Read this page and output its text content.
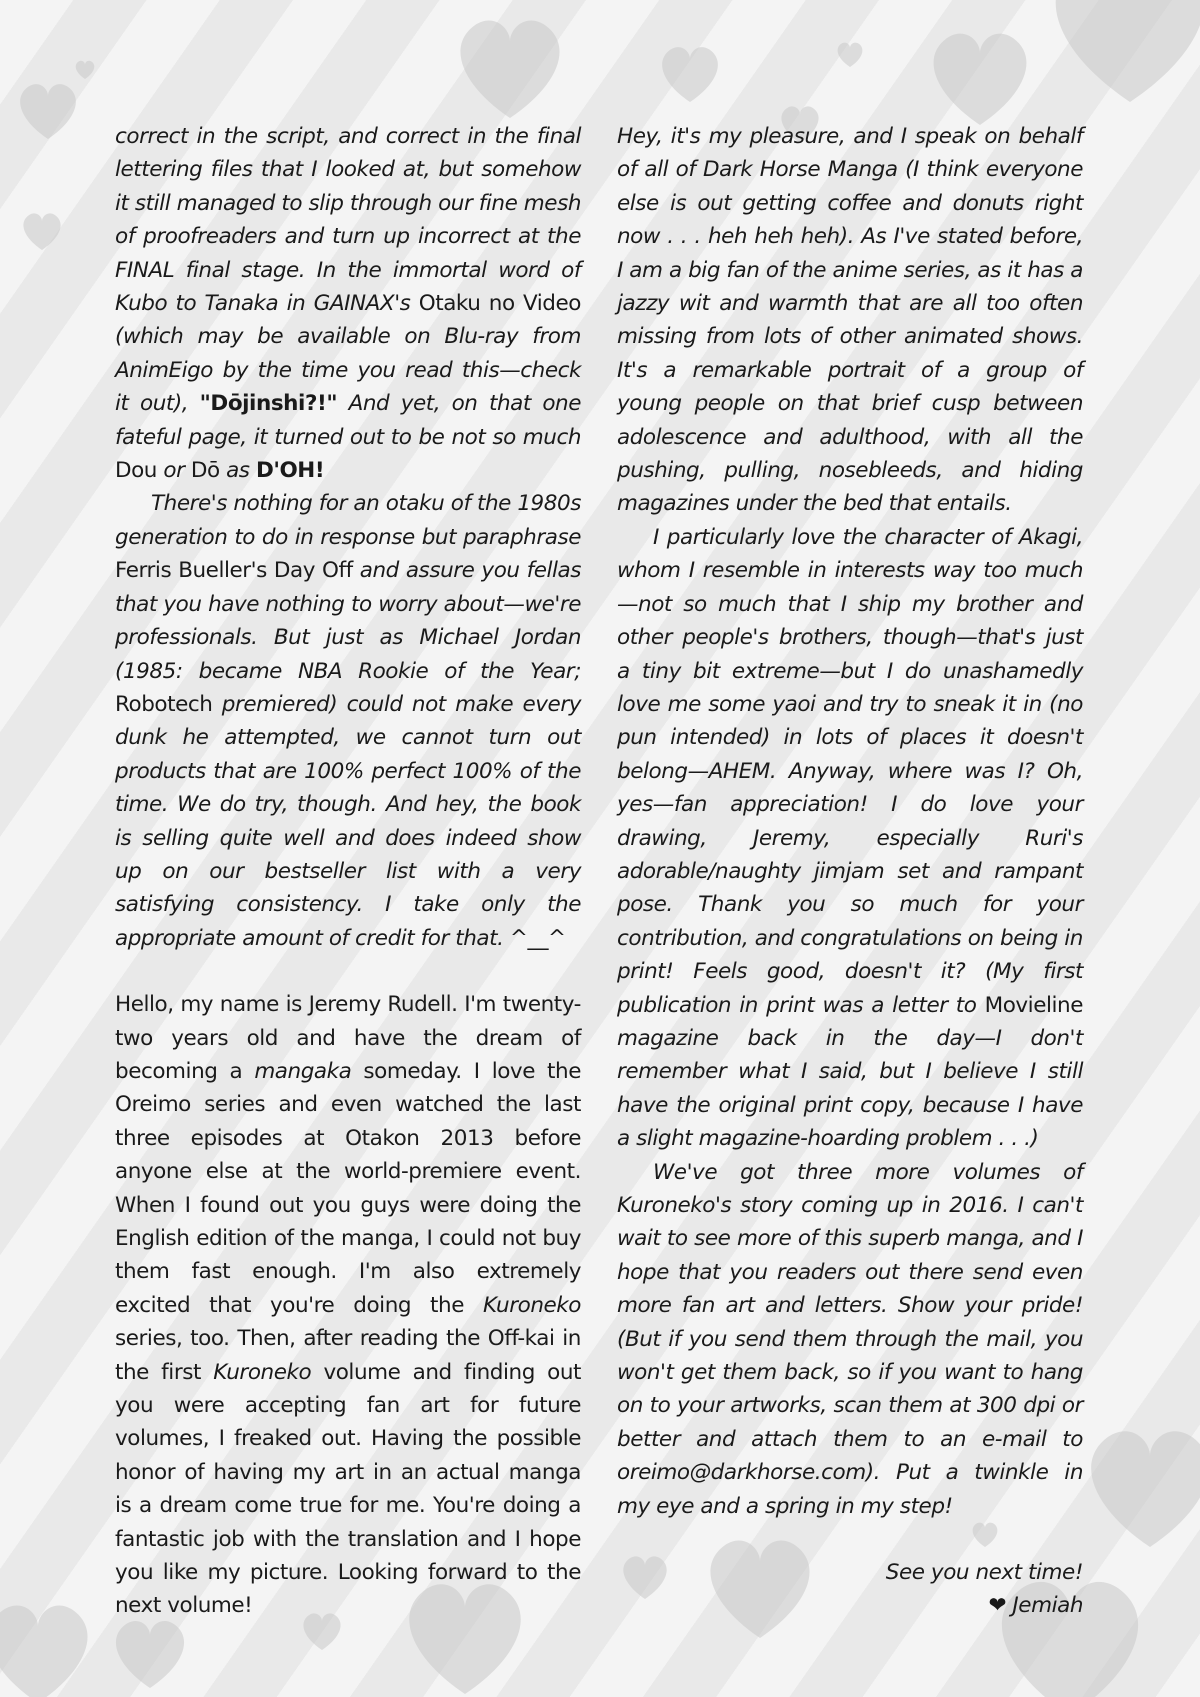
correct in the script, and correct in the final lettering files that I looked at, but somehow it still managed to slip through our fine mesh of proofreaders and turn up incorrect at the FINAL final stage. In the immortal word of Kubo to Tanaka in GAINAX's Otaku no Video (which may be available on Blu-ray from AnimEigo by the time you read this—check it out), "Dōjinshi?!" And yet, on that one fateful page, it turned out to be not so much Dou or Dō as D'OH!

There's nothing for an otaku of the 1980s generation to do in response but paraphrase Ferris Bueller's Day Off and assure you fellas that you have nothing to worry about—we're professionals. But just as Michael Jordan (1985: became NBA Rookie of the Year; Robotech premiered) could not make every dunk he attempted, we cannot turn out products that are 100% perfect 100% of the time. We do try, though. And hey, the book is selling quite well and does indeed show up on our bestseller list with a very satisfying consistency. I take only the appropriate amount of credit for that. ^__^

Hello, my name is Jeremy Rudell. I'm twenty-two years old and have the dream of becoming a mangaka someday. I love the Oreimo series and even watched the last three episodes at Otakon 2013 before anyone else at the world-premiere event. When I found out you guys were doing the English edition of the manga, I could not buy them fast enough. I'm also extremely excited that you're doing the Kuroneko series, too. Then, after reading the Off-kai in the first Kuroneko volume and finding out you were accepting fan art for future volumes, I freaked out. Having the possible honor of having my art in an actual manga is a dream come true for me. You're doing a fantastic job with the translation and I hope you like my picture. Looking forward to the next volume!

Hey, it's my pleasure, and I speak on behalf of all of Dark Horse Manga (I think everyone else is out getting coffee and donuts right now . . . heh heh heh). As I've stated before, I am a big fan of the anime series, as it has a jazzy wit and warmth that are all too often missing from lots of other animated shows. It's a remarkable portrait of a group of young people on that brief cusp between adolescence and adulthood, with all the pushing, pulling, nosebleeds, and hiding magazines under the bed that entails.

I particularly love the character of Akagi, whom I resemble in interests way too much—not so much that I ship my brother and other people's brothers, though—that's just a tiny bit extreme—but I do unashamedly love me some yaoi and try to sneak it in (no pun intended) in lots of places it doesn't belong—AHEM. Anyway, where was I? Oh, yes—fan appreciation! I do love your drawing, Jeremy, especially Ruri's adorable/naughty jimjam set and rampant pose. Thank you so much for your contribution, and congratulations on being in print! Feels good, doesn't it? (My first publication in print was a letter to Movieline magazine back in the day—I don't remember what I said, but I believe I still have the original print copy, because I have a slight magazine-hoarding problem . . .)

We've got three more volumes of Kuroneko's story coming up in 2016. I can't wait to see more of this superb manga, and I hope that you readers out there send even more fan art and letters. Show your pride! (But if you send them through the mail, you won't get them back, so if you want to hang on to your artworks, scan them at 300 dpi or better and attach them to an e-mail to oreimo@darkhorse.com). Put a twinkle in my eye and a spring in my step!

See you next time!

❤ Jemiah
